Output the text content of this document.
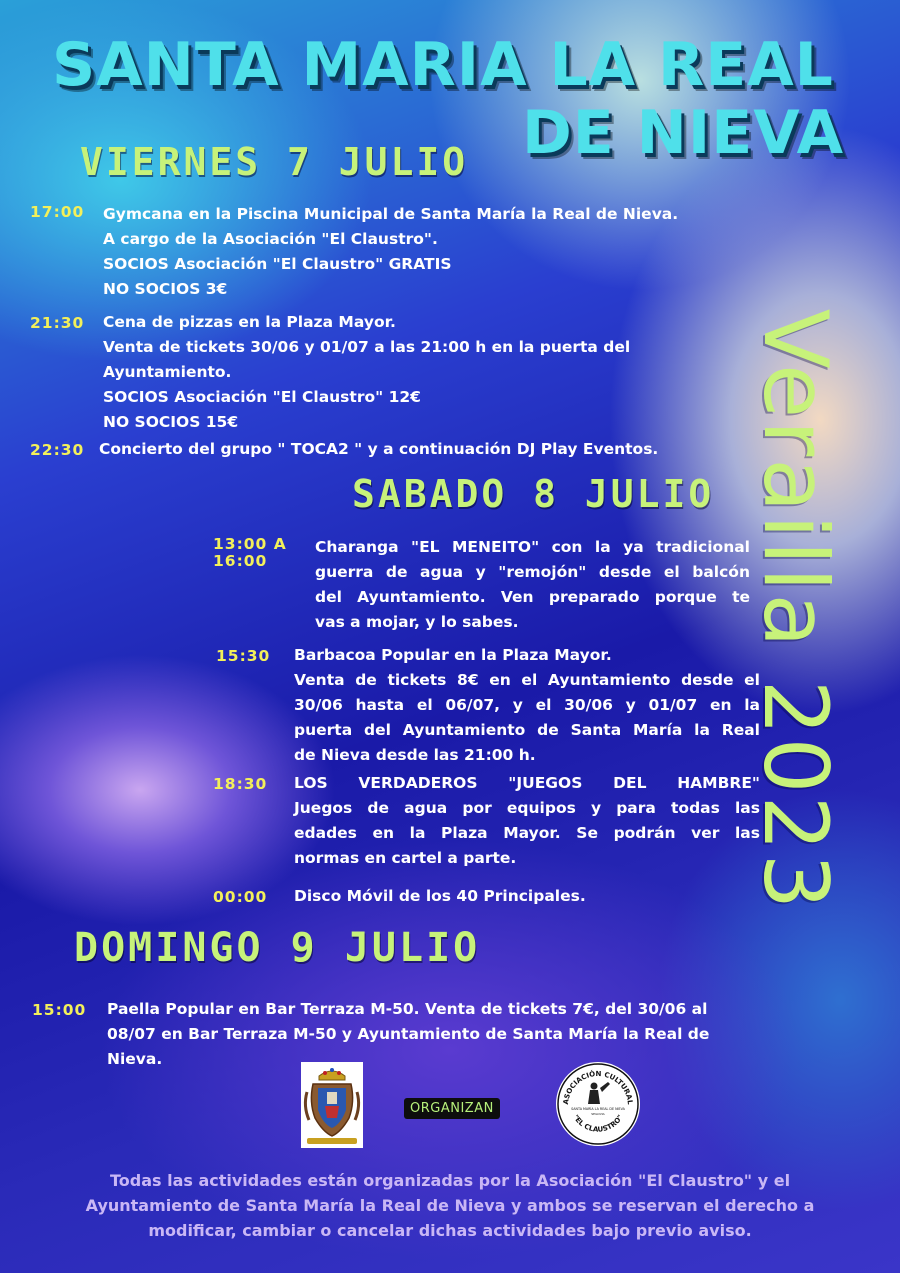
SANTA MARIA LA REAL
DE NIEVA
VIERNES 7 JULIO
17:00 Gymcana en la Piscina Municipal de Santa María la Real de Nieva.
A cargo de la Asociación "El Claustro".
SOCIOS Asociación "El Claustro" GRATIS
NO SOCIOS 3€

21:30 Cena de pizzas en la Plaza Mayor.
Venta de tickets 30/06 y 01/07 a las 21:00 h en la puerta del
Ayuntamiento.
SOCIOS Asociación "El Claustro" 12€
NO SOCIOS 15€

22:30 Concierto del grupo " TOCA2 " y a continuación DJ Play Eventos.

SABADO 8 JULIO
13:00 A
16:00

Charanga "EL MENEITO" con la ya tradicional
guerra de agua y "remojón" desde el balcón
del Ayuntamiento. Ven preparado porque te
vas a mojar, y lo sabes.

15:30 Barbacoa Popular en la Plaza Mayor.
Venta de tickets 8€ en el Ayuntamiento desde el
30/06 hasta el 06/07, y el 30/06 y 01/07 en la
puerta del Ayuntamiento de Santa María la Real
de Nieva desde las 21:00 h.

18:30 LOS VERDADEROS "JUEGOS DEL HAMBRE"
Juegos de agua por equipos y para todas las
edades en la Plaza Mayor. Se podrán ver las
normas en cartel a parte.

00:00 Disco Móvil de los 40 Principales.

DOMINGO 9 JULIO
15:00 Paella Popular en Bar Terraza M-50. Venta de tickets 7€, del 30/06 al
08/07 en Bar Terraza M-50 y Ayuntamiento de Santa María la Real de
Nieva.

Verailla 2023
ORGANIZAN	ASOCIACIÓN CULTURAL
SANTA MARÍA LA REAL DE NIEVA
SEGOVIA
"EL CLAUSTRO"

Todas las actividades están organizadas por la Asociación "El Claustro" y el
Ayuntamiento de Santa María la Real de Nieva y ambos se reservan el derecho a
modificar, cambiar o cancelar dichas actividades bajo previo aviso.
